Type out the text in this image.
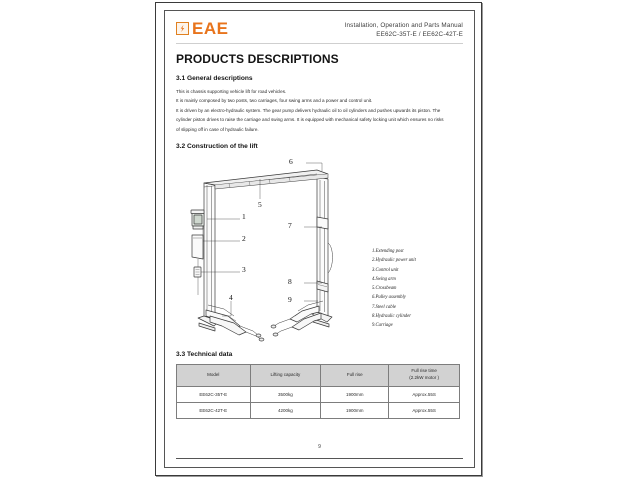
EAE	Installation, Operation and Parts Manual
EE62C-35T-E / EE62C-42T-E
PRODUCTS DESCRIPTIONS
3.1 General descriptions

This is chassis supporting vehicle lift for road vehicles.

It is mainly composed by two posts, two carriages, four swing arms and a power and control unit.

It is driven by an electro-hydraulic system. The gear pump delivers hydraulic oil to oil cylinders and pushes upwards its piston. The

cylinder piston drives to raise the carriage and swing arms. It is equipped with mechanical safety locking unit which ensures no risks

of slipping off in case of hydraulic failure.

3.2 Construction of the lift
1
2
3
4
5
6
7
8
9
1.Extending post
2.Hydraulic power unit
3.Control unit
4.Swing arm
5.Crossbeam
6.Pulley assembly
7.Steel cable
8.Hydraulic cylinder
9.Carriage
3.3 Technical data
Model	Lifting capacity	Full rise	Full rise time
(2.2kW motor )

EE62C-35T-E	3500kg	1900mm	Approx.55S
EE62C-42T-E	4200kg	1900mm	Approx.55S
9
